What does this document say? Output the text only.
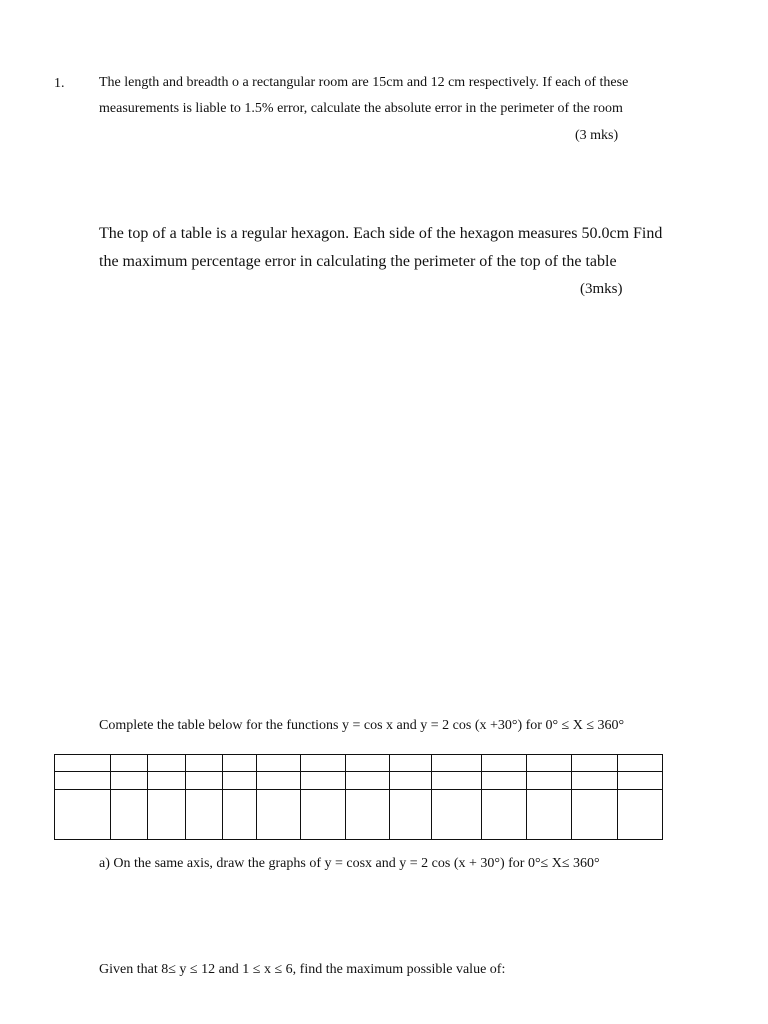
1. The length and breadth o a rectangular room are 15cm and 12 cm respectively. If each of these
measurements is liable to 1.5% error, calculate the absolute error in the perimeter of the room
(3 mks)
The top of a table is a regular hexagon. Each side of the hexagon measures 50.0cm Find
the maximum percentage error in calculating the perimeter of the top of the table
(3mks)
Complete the table below for the functions y = cos x and y = 2 cos (x +30°) for 0° ≤ X ≤ 360°

a) On the same axis, draw the graphs of y = cosx and y = 2 cos (x + 30°) for 0°≤ X≤ 360°
Given that 8≤ y ≤ 12 and 1 ≤ x ≤ 6, find the maximum possible value of:
